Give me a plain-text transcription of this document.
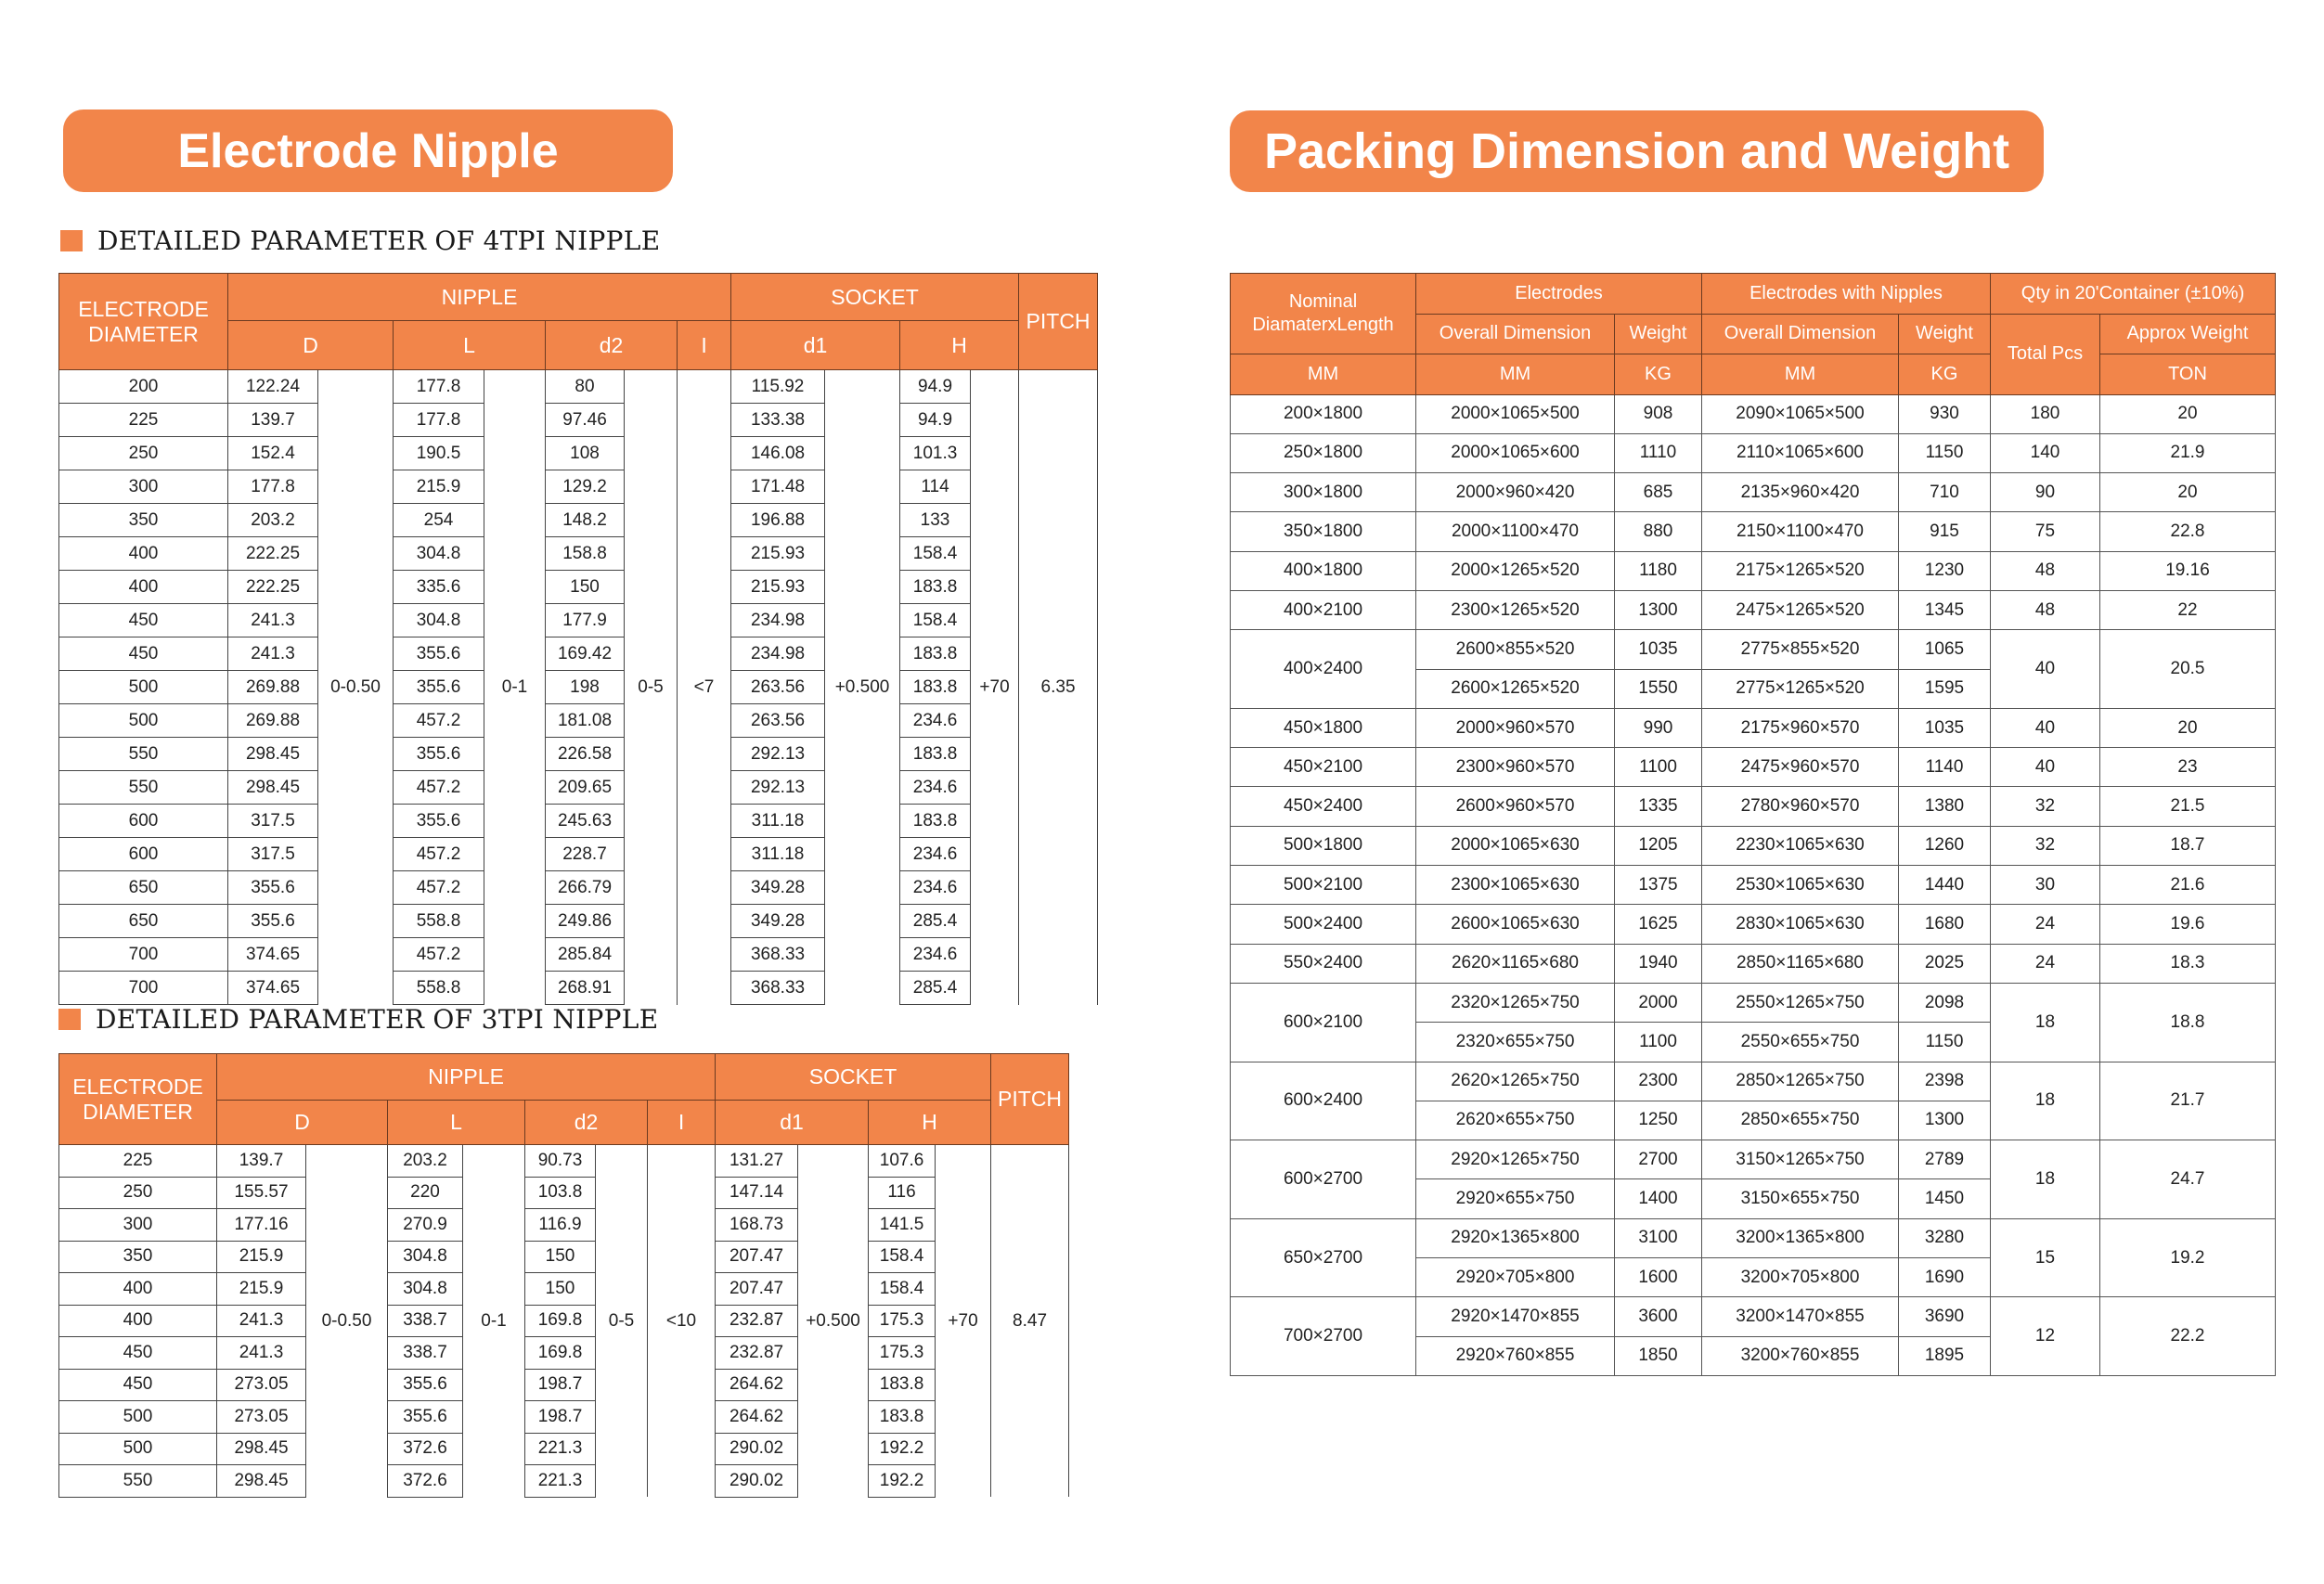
Electrode Nipple	Packing Dimension and Weight
DETAILED PARAMETER OF 4TPI NIPPLE
ELECTRODE DIAMETER	NIPPLE							SOCKET				PITCH
	D		L		d2		I	d1		H		
200	122.24	0-0.50	177.8	0-1	80	0-5	<7	115.92	+0.500	94.9	+70	6.35
225	139.7		177.8		97.46			133.38		94.9		
250	152.4		190.5		108			146.08		101.3		
300	177.8		215.9		129.2			171.48		114		
350	203.2		254		148.2			196.88		133		
400	222.25		304.8		158.8			215.93		158.4		
400	222.25		335.6		150			215.93		183.8		
450	241.3		304.8		177.9			234.98		158.4		
450	241.3		355.6		169.42			234.98		183.8		
500	269.88		355.6		198			263.56		183.8		
500	269.88		457.2		181.08			263.56		234.6		
550	298.45		355.6		226.58			292.13		183.8		
550	298.45		457.2		209.65			292.13		234.6		
600	317.5		355.6		245.63			311.18		183.8		
600	317.5		457.2		228.7			311.18		234.6		
650	355.6		457.2		266.79			349.28		234.6		
650	355.6		558.8		249.86			349.28		285.4		
700	374.65		457.2		285.84			368.33		234.6		
700	374.65		558.8		268.91			368.33		285.4		
DETAILED PARAMETER OF 3TPI NIPPLE
ELECTRODE DIAMETER	NIPPLE							SOCKET				PITCH
	D		L		d2		I	d1		H		
225	139.7	0-0.50	203.2	0-1	90.73	0-5	<10	131.27	+0.500	107.6	+70	8.47
250	155.57		220		103.8			147.14		116		
300	177.16		270.9		116.9			168.73		141.5		
350	215.9		304.8		150			207.47		158.4		
400	215.9		304.8		150			207.47		158.4		
400	241.3		338.7		169.8			232.87		175.3		
450	241.3		338.7		169.8			232.87		175.3		
450	273.05		355.6		198.7			264.62		183.8		
500	273.05		355.6		198.7			264.62		183.8		
500	298.45		372.6		221.3			290.02		192.2		
550	298.45		372.6		221.3			290.02		192.2		
Nominal DiamaterxLength	Electrodes		Electrodes with Nipples		Qty in 20'Container (±10%)	
	Overall Dimension	Weight	Overall Dimension	Weight	Total Pcs	Approx Weight
MM	MM	KG	MM	KG		TON
200×1800	2000×1065×500	908	2090×1065×500	930	180	20
250×1800	2000×1065×600	1110	2110×1065×600	1150	140	21.9
300×1800	2000×960×420	685	2135×960×420	710	90	20
350×1800	2000×1100×470	880	2150×1100×470	915	75	22.8
400×1800	2000×1265×520	1180	2175×1265×520	1230	48	19.16
400×2100	2300×1265×520	1300	2475×1265×520	1345	48	22
400×2400	2600×855×520	1035	2775×855×520	1065	40	20.5
	2600×1265×520	1550	2775×1265×520	1595		
450×1800	2000×960×570	990	2175×960×570	1035	40	20
450×2100	2300×960×570	1100	2475×960×570	1140	40	23
450×2400	2600×960×570	1335	2780×960×570	1380	32	21.5
500×1800	2000×1065×630	1205	2230×1065×630	1260	32	18.7
500×2100	2300×1065×630	1375	2530×1065×630	1440	30	21.6
500×2400	2600×1065×630	1625	2830×1065×630	1680	24	19.6
550×2400	2620×1165×680	1940	2850×1165×680	2025	24	18.3
600×2100	2320×1265×750	2000	2550×1265×750	2098	18	18.8
	2320×655×750	1100	2550×655×750	1150		
600×2400	2620×1265×750	2300	2850×1265×750	2398	18	21.7
	2620×655×750	1250	2850×655×750	1300		
600×2700	2920×1265×750	2700	3150×1265×750	2789	18	24.7
	2920×655×750	1400	3150×655×750	1450		
650×2700	2920×1365×800	3100	3200×1365×800	3280	15	19.2
	2920×705×800	1600	3200×705×800	1690		
700×2700	2920×1470×855	3600	3200×1470×855	3690	12	22.2
	2920×760×855	1850	3200×760×855	1895		
